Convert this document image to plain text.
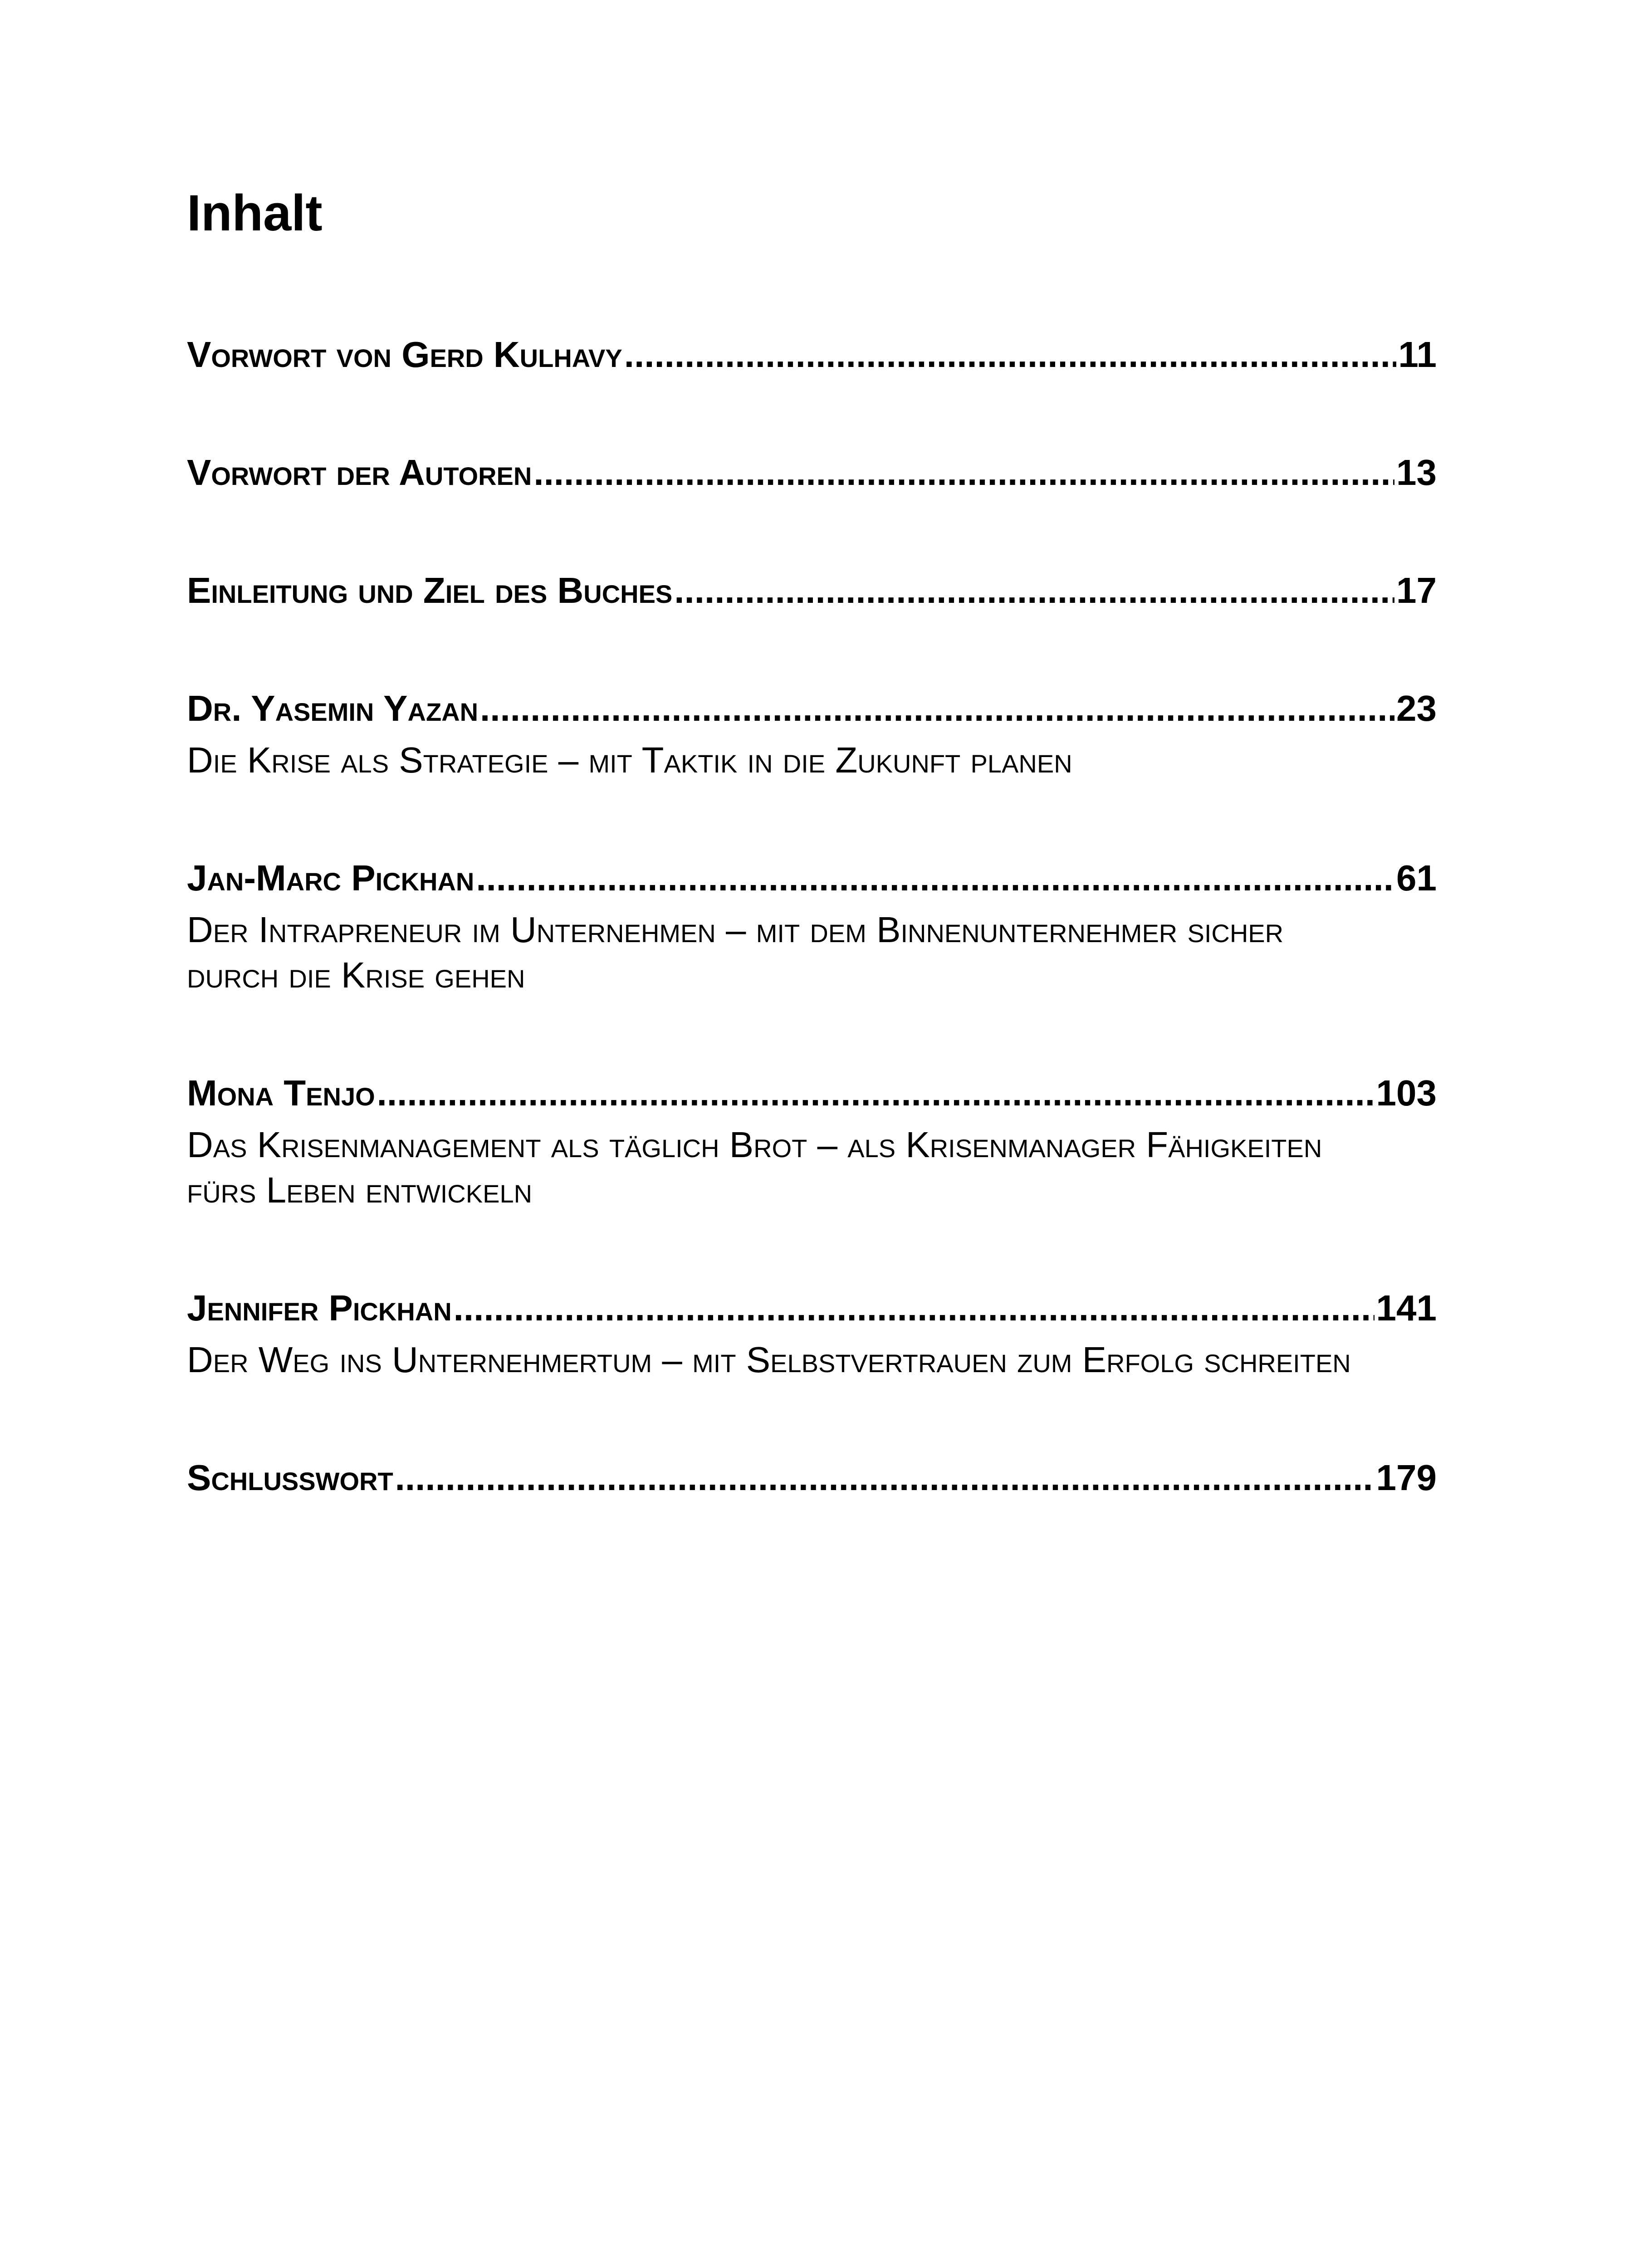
Inhalt
Vorwort von Gerd Kulhavy .....	11
Vorwort der Autoren .....	13
Einleitung und Ziel des Buches .....	17
Dr. Yasemin Yazan .....	23
Die Krise als Strategie – mit Taktik in die Zukunft planen
Jan-Marc Pickhan .....	61
Der Intrapreneur im Unternehmen – mit dem Binnenunternehmer sicher durch die Krise gehen
Mona Tenjo .....	103
Das Krisenmanagement als täglich Brot – als Krisenmanager Fähigkeiten fürs Leben entwickeln
Jennifer Pickhan .....	141
Der Weg ins Unternehmertum – mit Selbstvertrauen zum Erfolg schreiten
Schlusswort .....	179
